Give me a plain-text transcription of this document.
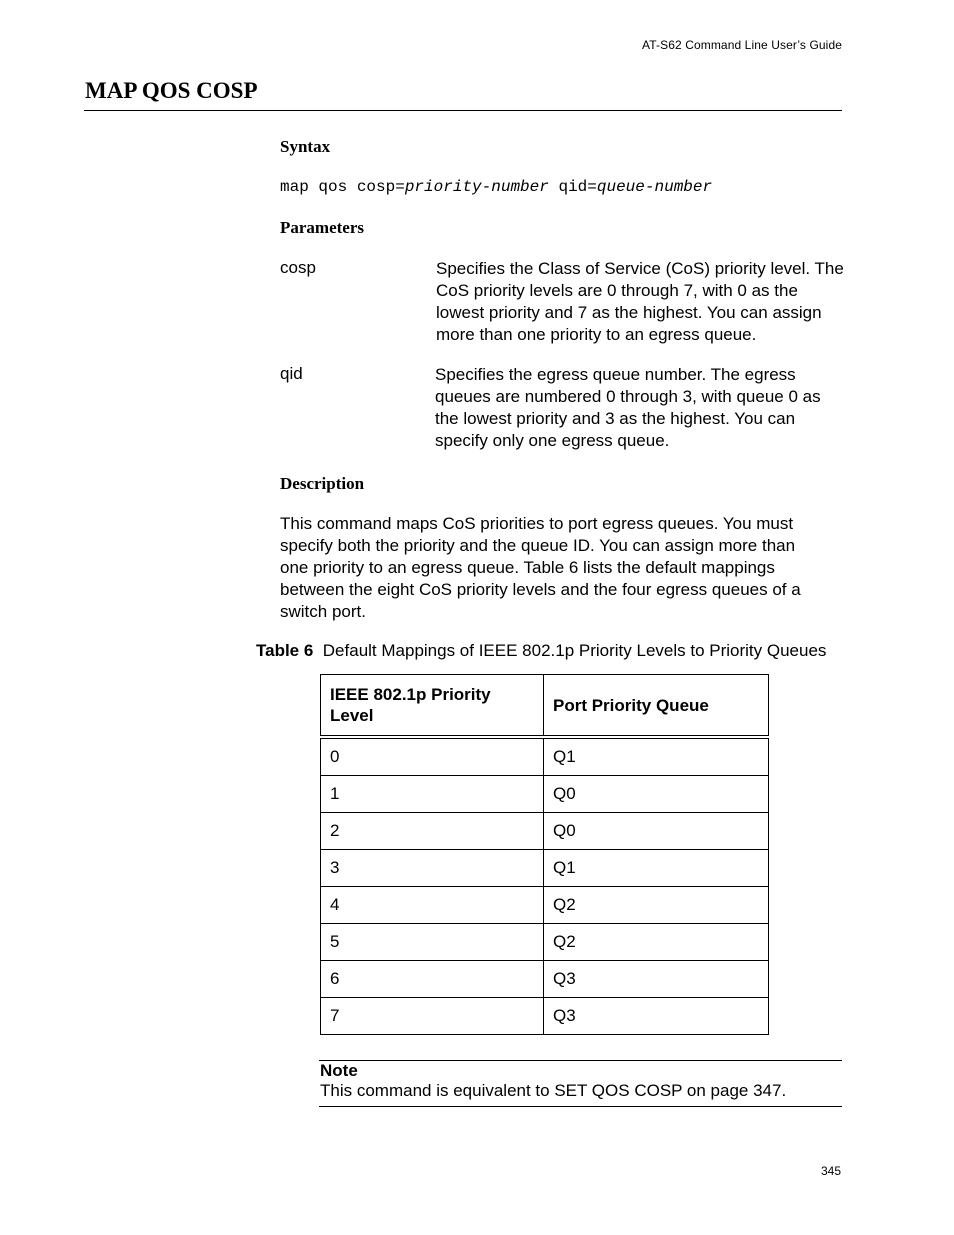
AT-S62 Command Line User’s Guide
MAP QOS COSP
Syntax
map qos cosp=priority-number qid=queue-number
Parameters
cosp	Specifies the Class of Service (CoS) priority level. The CoS priority levels are 0 through 7, with 0 as the lowest priority and 7 as the highest. You can assign more than one priority to an egress queue.
qid	Specifies the egress queue number. The egress queues are numbered 0 through 3, with queue 0 as the lowest priority and 3 as the highest. You can specify only one egress queue.
Description

This command maps CoS priorities to port egress queues. You must specify both the priority and the queue ID. You can assign more than one priority to an egress queue. Table 6 lists the default mappings between the eight CoS priority levels and the four egress queues of a switch port.

Table 6 Default Mappings of IEEE 802.1p Priority Levels to Priority Queues
IEEE 802.1p Priority Level	Port Priority Queue
0	Q1
1	Q0
2	Q0
3	Q1
4	Q2
5	Q2
6	Q3
7	Q3
Note
This command is equivalent to SET QOS COSP on page 347.
345
